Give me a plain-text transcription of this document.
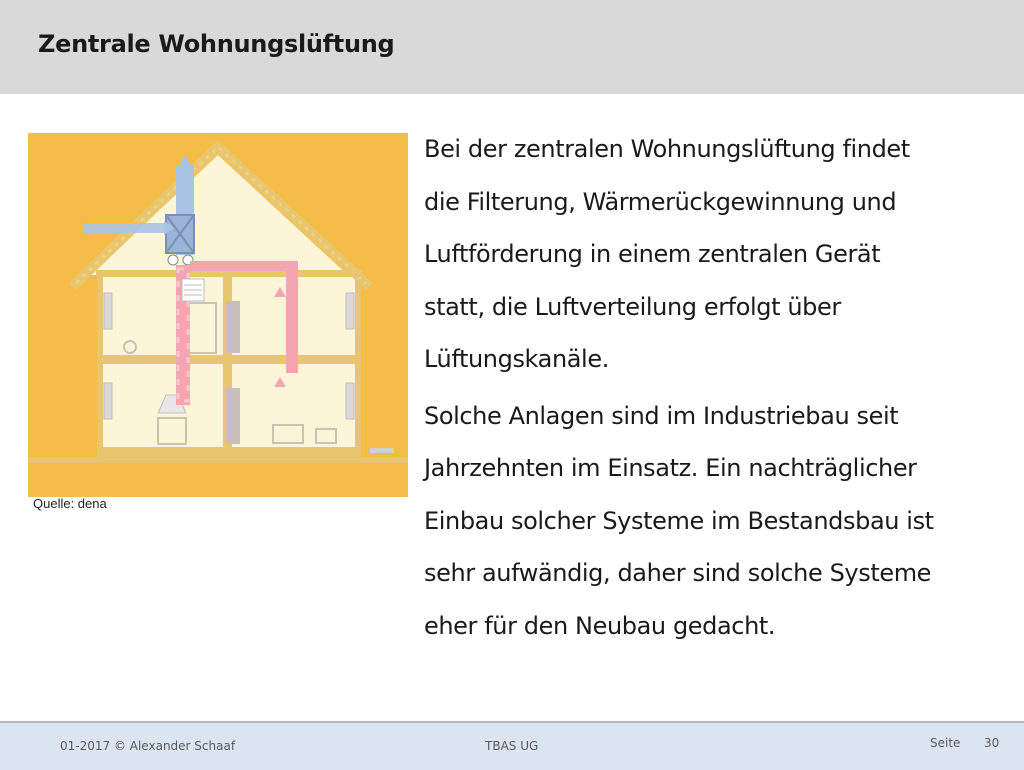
Zentrale Wohnungslüftung
Quelle: dena

Bei der zentralen Wohnungslüftung findet
die Filterung, Wärmerückgewinnung und
Luftförderung in einem zentralen Gerät
statt, die Luftverteilung erfolgt über
Lüftungskanäle.

Solche Anlagen sind im Industriebau seit
Jahrzehnten im Einsatz. Ein nachträglicher
Einbau solcher Systeme im Bestandsbau ist
sehr aufwändig, daher sind solche Systeme
eher für den Neubau gedacht.

01-2017 © Alexander Schaaf	TBAS UG	Seite 30
